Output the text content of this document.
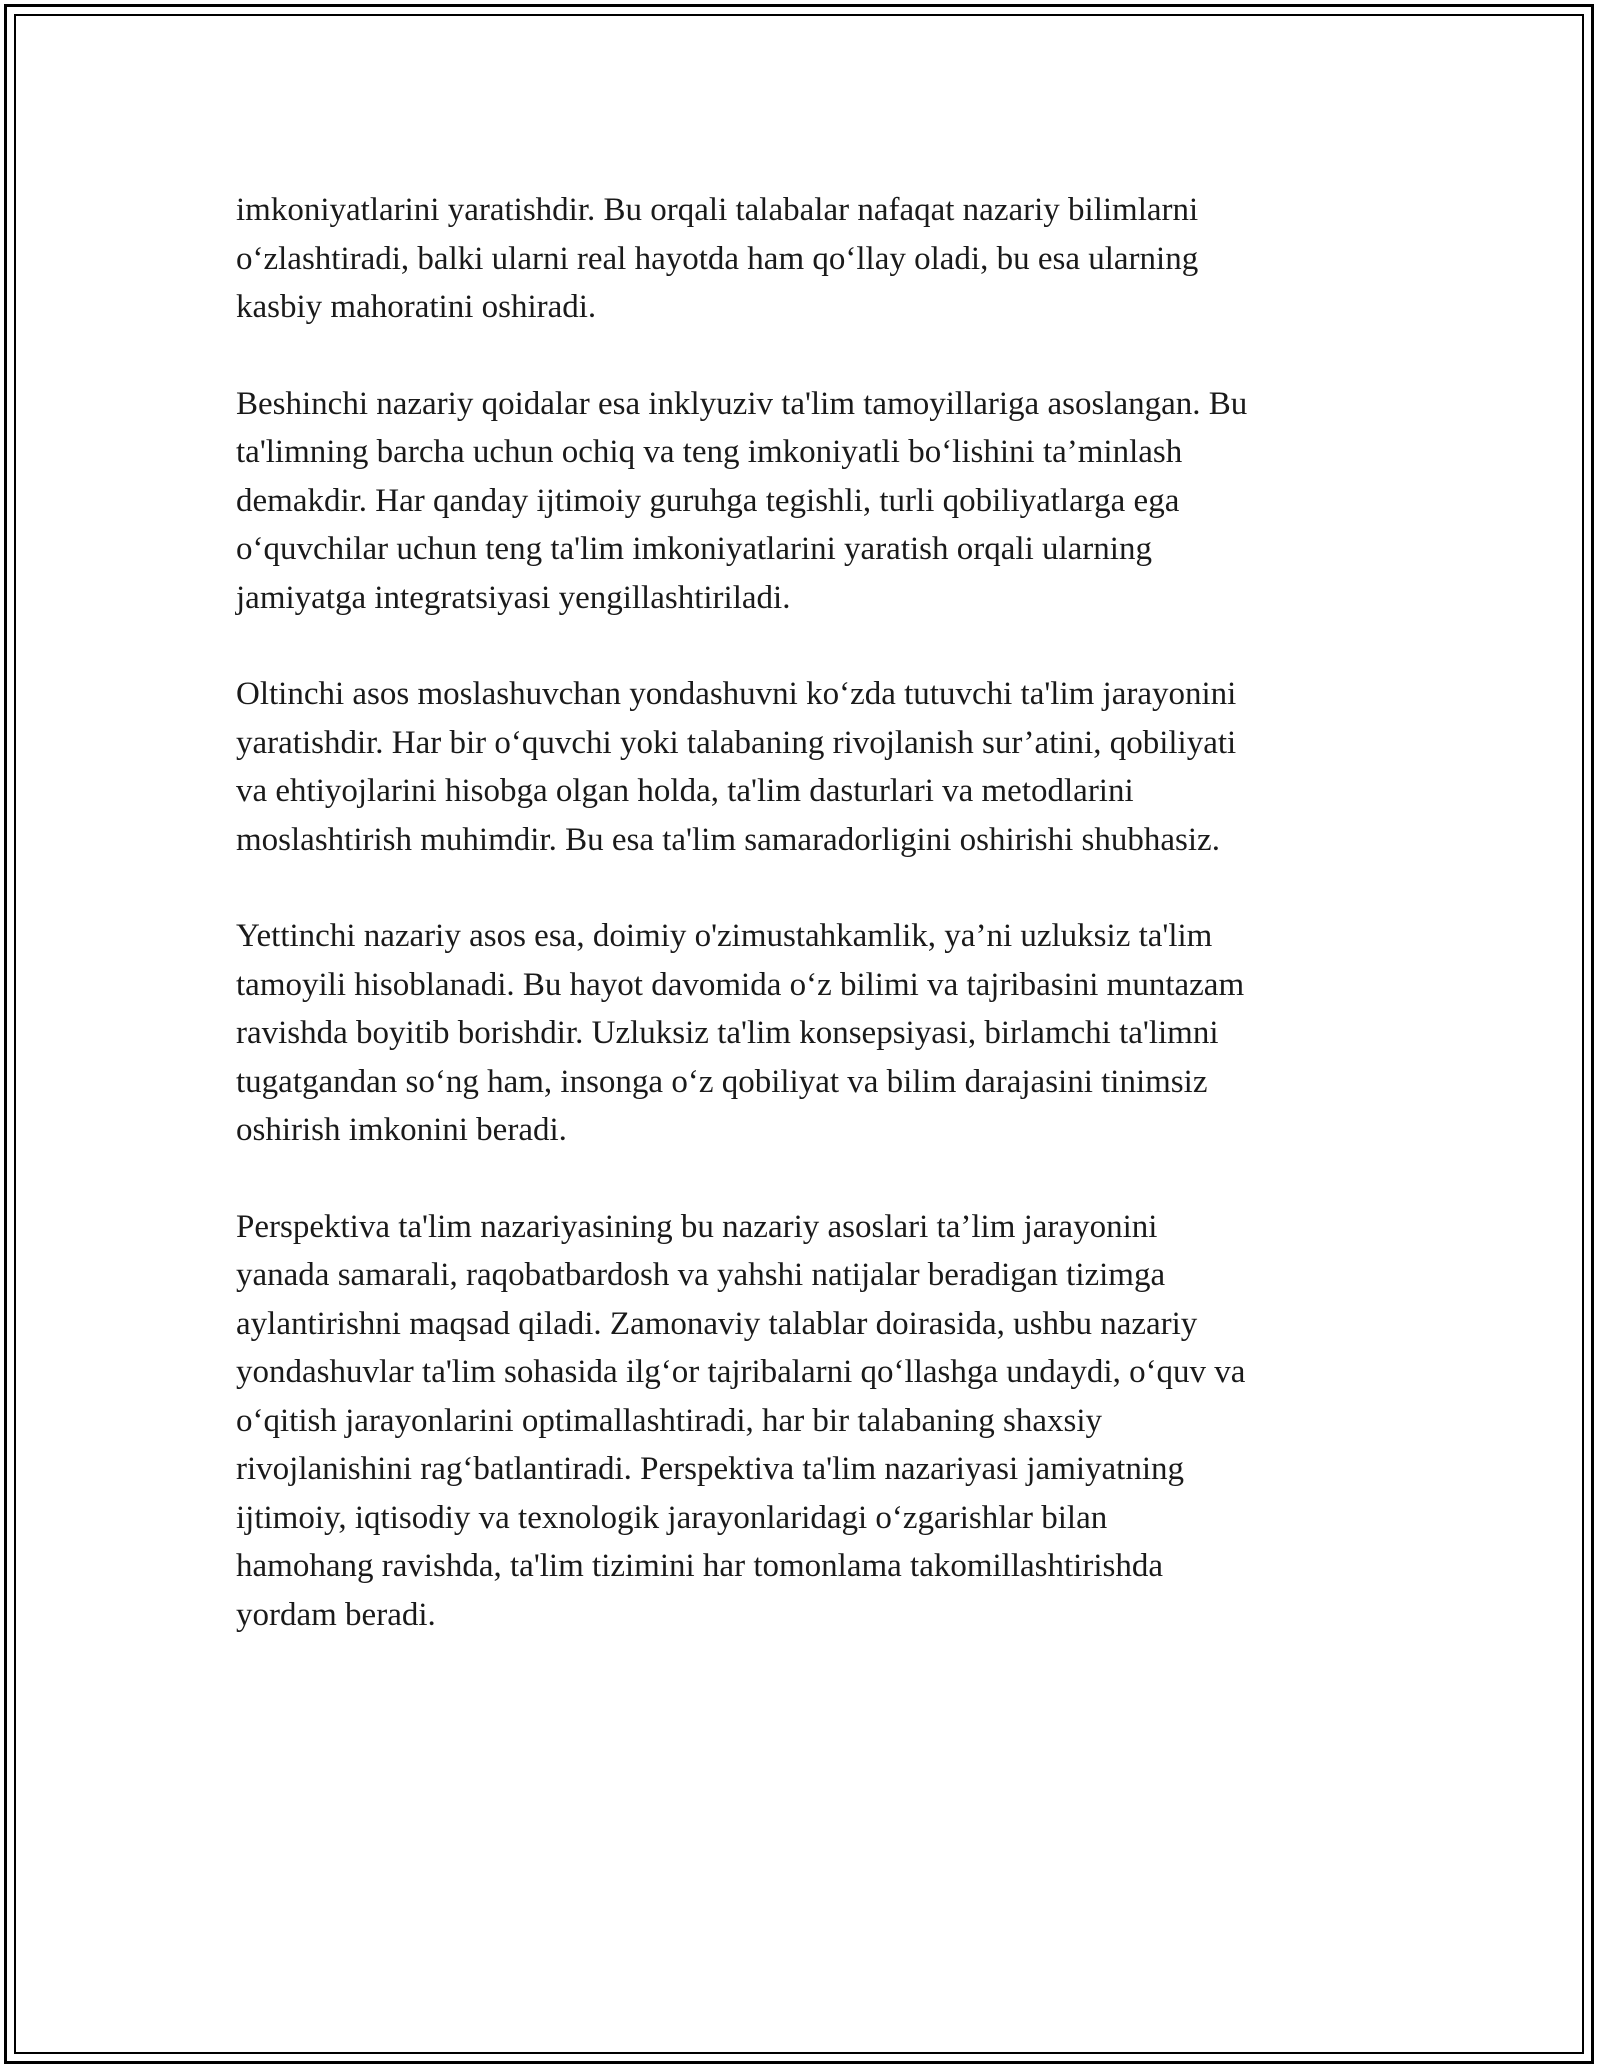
imkoniyatlarini yaratishdir. Bu orqali talabalar nafaqat nazariy bilimlarni
o‘zlashtiradi, balki ularni real hayotda ham qo‘llay oladi, bu esa ularning
kasbiy mahoratini oshiradi.

Beshinchi nazariy qoidalar esa inklyuziv ta'lim tamoyillariga asoslangan. Bu
ta'limning barcha uchun ochiq va teng imkoniyatli bo‘lishini ta’minlash
demakdir. Har qanday ijtimoiy guruhga tegishli, turli qobiliyatlarga ega
o‘quvchilar uchun teng ta'lim imkoniyatlarini yaratish orqali ularning
jamiyatga integratsiyasi yengillashtiriladi.

Oltinchi asos moslashuvchan yondashuvni ko‘zda tutuvchi ta'lim jarayonini
yaratishdir. Har bir o‘quvchi yoki talabaning rivojlanish sur’atini, qobiliyati
va ehtiyojlarini hisobga olgan holda, ta'lim dasturlari va metodlarini
moslashtirish muhimdir. Bu esa ta'lim samaradorligini oshirishi shubhasiz.

Yettinchi nazariy asos esa, doimiy o'zimustahkamlik, ya’ni uzluksiz ta'lim
tamoyili hisoblanadi. Bu hayot davomida o‘z bilimi va tajribasini muntazam
ravishda boyitib borishdir. Uzluksiz ta'lim konsepsiyasi, birlamchi ta'limni
tugatgandan so‘ng ham, insonga o‘z qobiliyat va bilim darajasini tinimsiz
oshirish imkonini beradi.

Perspektiva ta'lim nazariyasining bu nazariy asoslari ta’lim jarayonini
yanada samarali, raqobatbardosh va yahshi natijalar beradigan tizimga
aylantirishni maqsad qiladi. Zamonaviy talablar doirasida, ushbu nazariy
yondashuvlar ta'lim sohasida ilg‘or tajribalarni qo‘llashga undaydi, o‘quv va
o‘qitish jarayonlarini optimallashtiradi, har bir talabaning shaxsiy
rivojlanishini rag‘batlantiradi. Perspektiva ta'lim nazariyasi jamiyatning
ijtimoiy, iqtisodiy va texnologik jarayonlaridagi o‘zgarishlar bilan
hamohang ravishda, ta'lim tizimini har tomonlama takomillashtirishda
yordam beradi.
